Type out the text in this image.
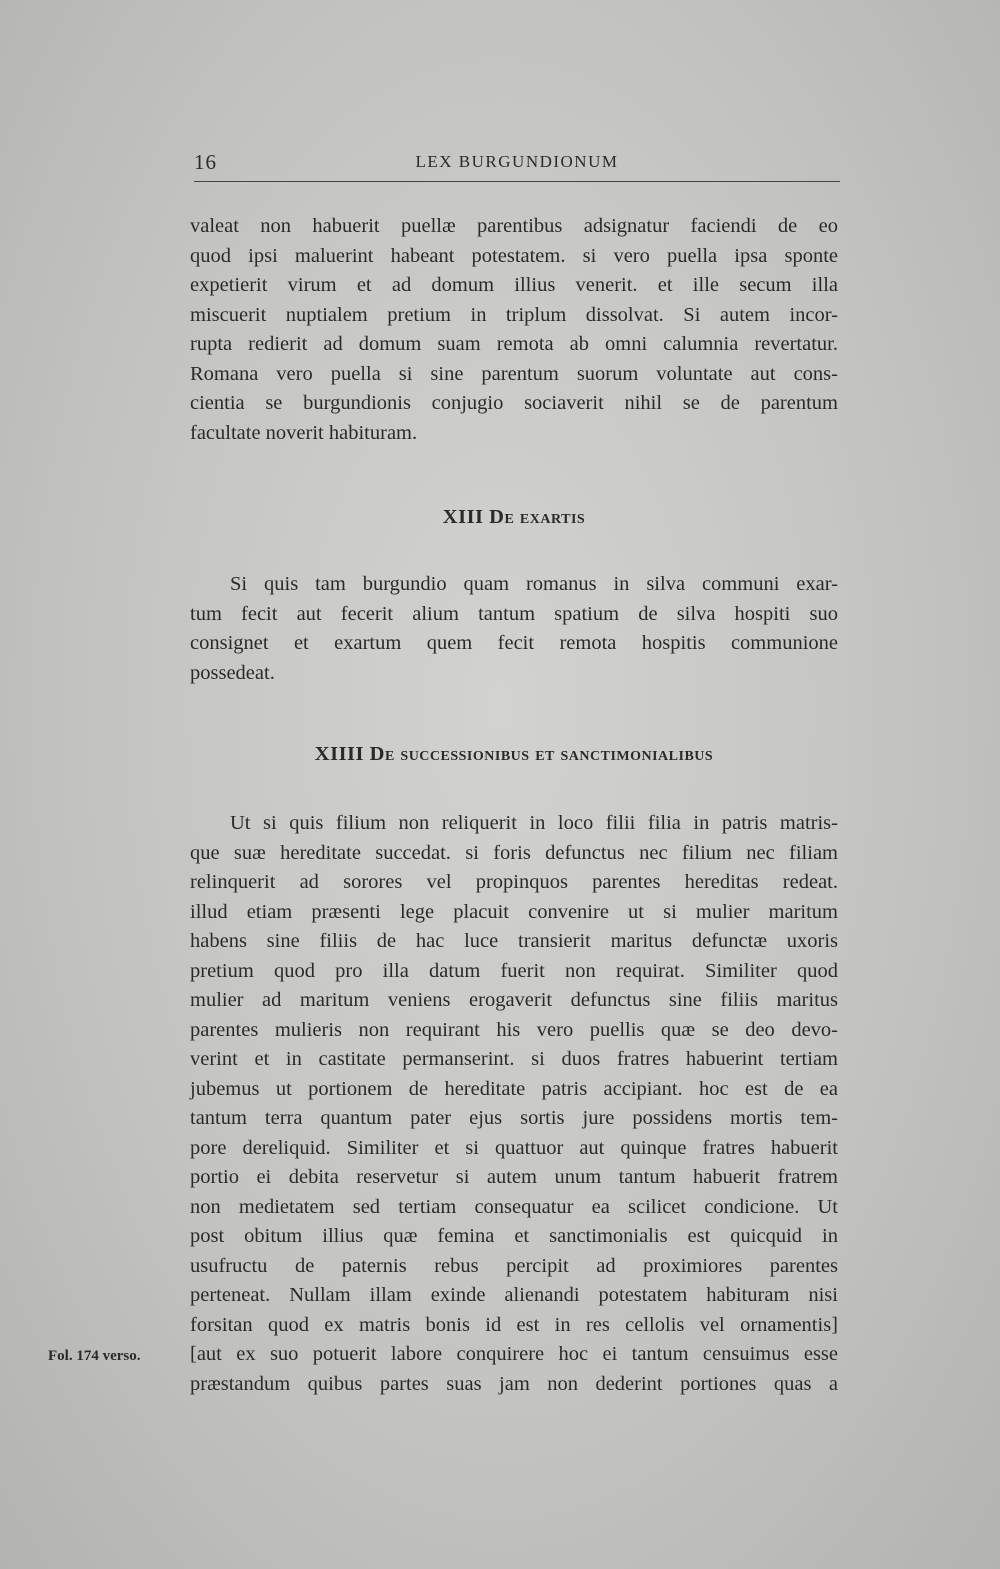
16	LEX BURGUNDIONUM

valeat non habuerit puellæ parentibus adsignatur faciendi de eo
quod ipsi maluerint habeant potestatem. si vero puella ipsa sponte
expetierit virum et ad domum illius venerit. et ille secum illa
miscuerit nuptialem pretium in triplum dissolvat. Si autem incor-
rupta redierit ad domum suam remota ab omni calumnia revertatur.
Romana vero puella si sine parentum suorum voluntate aut cons-
cientia se burgundionis conjugio sociaverit nihil se de parentum
facultate noverit habituram.

XIII De exartis

Si quis tam burgundio quam romanus in silva communi exar-
tum fecit aut fecerit alium tantum spatium de silva hospiti suo
consignet et exartum quem fecit remota hospitis communione
possedeat.

XIIII De successionibus et sanctimonialibus

Ut si quis filium non reliquerit in loco filii filia in patris matris-
que suæ hereditate succedat. si foris defunctus nec filium nec filiam
relinquerit ad sorores vel propinquos parentes hereditas redeat.
illud etiam præsenti lege placuit convenire ut si mulier maritum
habens sine filiis de hac luce transierit maritus defunctæ uxoris
pretium quod pro illa datum fuerit non requirat. Similiter quod
mulier ad maritum veniens erogaverit defunctus sine filiis maritus
parentes mulieris non requirant his vero puellis quæ se deo devo-
verint et in castitate permanserint. si duos fratres habuerint tertiam
jubemus ut portionem de hereditate patris accipiant. hoc est de ea
tantum terra quantum pater ejus sortis jure possidens mortis tem-
pore dereliquid. Similiter et si quattuor aut quinque fratres habuerit
portio ei debita reservetur si autem unum tantum habuerit fratrem
non medietatem sed tertiam consequatur ea scilicet condicione. Ut
post obitum illius quæ femina et sanctimonialis est quicquid in
usufructu de paternis rebus percipit ad proximiores parentes
perteneat. Nullam illam exinde alienandi potestatem habituram nisi
forsitan quod ex matris bonis id est in res cellolis vel ornamentis]
[aut ex suo potuerit labore conquirere hoc ei tantum censuimus esse
præstandum quibus partes suas jam non dederint portiones quas a

Fol. 174 verso.
